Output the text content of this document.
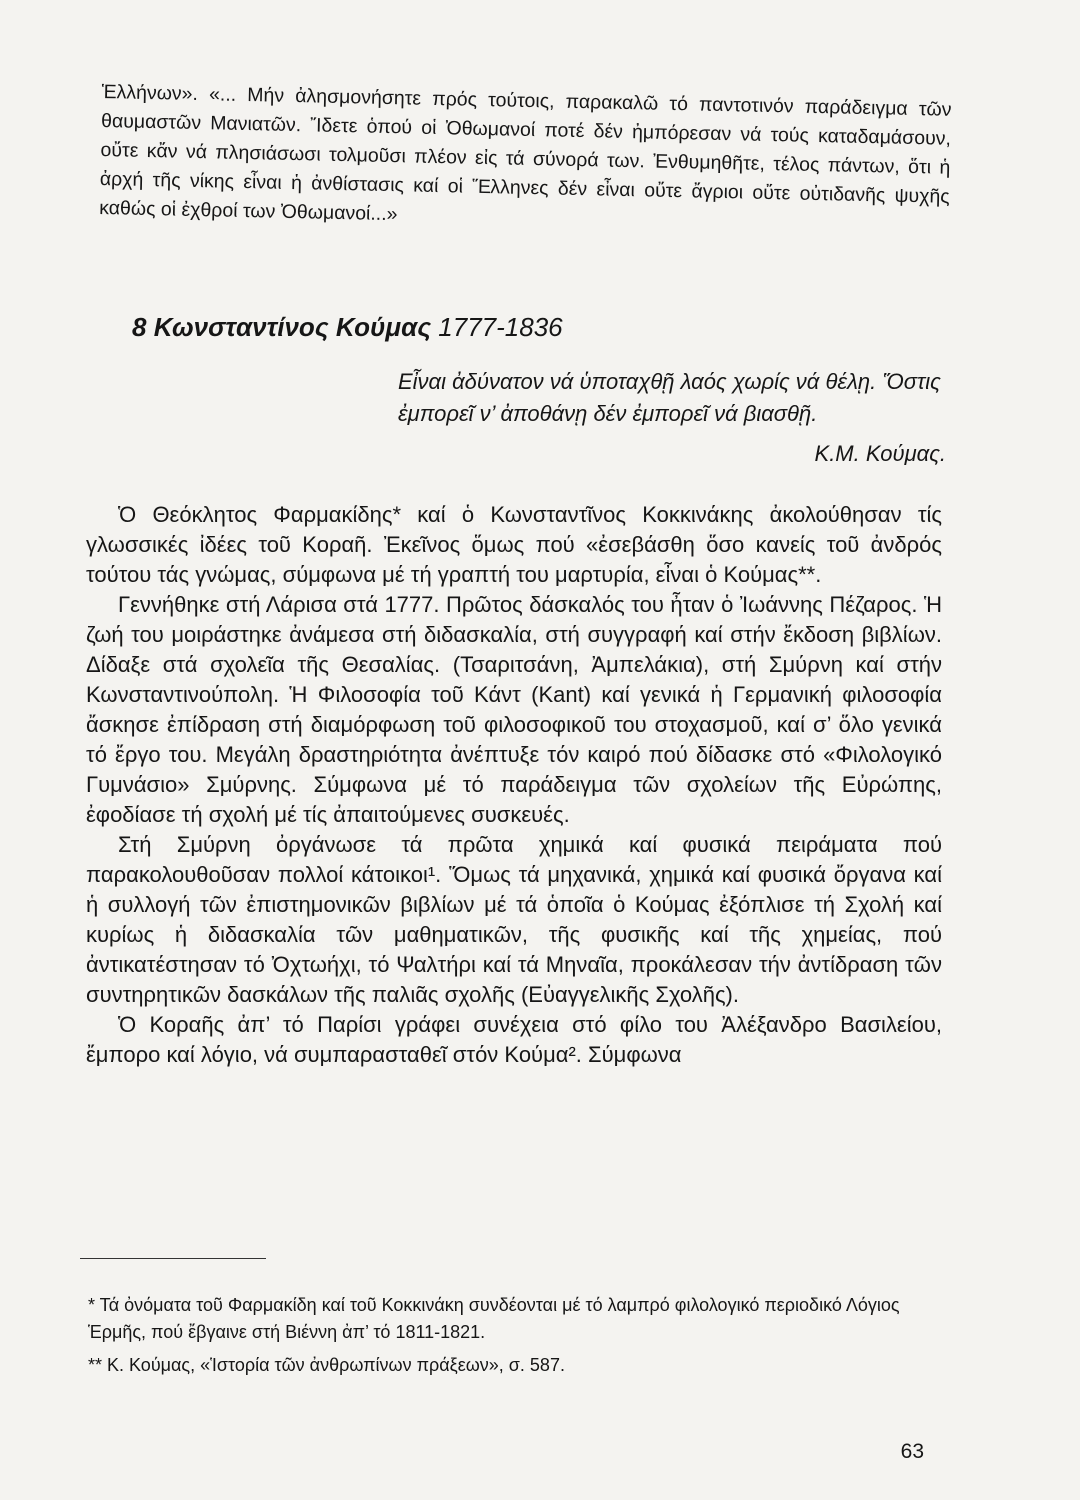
Ἑλλήνων». «... Μήν ἀλησμονήσητε πρός τούτοις, παρακαλῶ τό παντοτινόν παράδειγμα τῶν θαυμαστῶν Μανιατῶν. Ἴδετε ὁπού οἱ Ὀθωμανοί ποτέ δέν ἠμπόρεσαν νά τούς καταδαμάσουν, οὔτε κἄν νά πλησιάσωσι τολμοῦσι πλέον εἰς τά σύνορά των. Ἐνθυμηθῆτε, τέλος πάντων, ὅτι ἡ ἀρχή τῆς νίκης εἶναι ἡ ἀνθίστασις καί οἱ Ἕλληνες δέν εἶναι οὔτε ἄγριοι οὔτε οὐτιδανῆς ψυχῆς καθώς οἱ ἐχθροί των Ὀθωμανοί...»

8 Κωνσταντίνος Κούμας 1777-1836
Εἶναι ἀδύνατον νά ὑποταχθῇ λαός χωρίς νά θέλῃ. Ὅστις ἐμπορεῖ ν’ ἀποθάνῃ δέν ἐμπορεῖ νά βιασθῇ.
Κ.Μ. Κούμας.

Ὁ Θεόκλητος Φαρμακίδης* καί ὁ Κωνσταντῖνος Κοκκινάκης ἀκολούθησαν τίς γλωσσικές ἰδέες τοῦ Κοραῆ. Ἐκεῖνος ὅμως πού «ἐσεβάσθη ὅσο κανείς τοῦ ἀνδρός τούτου τάς γνώμας, σύμφωνα μέ τή γραπτή του μαρτυρία, εἶναι ὁ Κούμας**.

Γεννήθηκε στή Λάρισα στά 1777. Πρῶτος δάσκαλός του ἦταν ὁ Ἰωάννης Πέζαρος. Ἡ ζωή του μοιράστηκε ἀνάμεσα στή διδασκαλία, στή συγγραφή καί στήν ἔκδοση βιβλίων. Δίδαξε στά σχολεῖα τῆς Θεσαλίας. (Τσαριτσάνη, Ἀμπελάκια), στή Σμύρνη καί στήν Κωνσταντινούπολη. Ἡ Φιλοσοφία τοῦ Κάντ (Kant) καί γενικά ἡ Γερμανική φιλοσοφία ἄσκησε ἐπίδραση στή διαμόρφωση τοῦ φιλοσοφικοῦ του στοχασμοῦ, καί σ’ ὅλο γενικά τό ἔργο του. Μεγάλη δραστηριότητα ἀνέπτυξε τόν καιρό πού δίδασκε στό «Φιλολογικό Γυμνάσιο» Σμύρνης. Σύμφωνα μέ τό παράδειγμα τῶν σχολείων τῆς Εὐρώπης, ἐφοδίασε τή σχολή μέ τίς ἀπαιτούμενες συσκευές.

Στή Σμύρνη ὀργάνωσε τά πρῶτα χημικά καί φυσικά πειράματα πού παρακολουθοῦσαν πολλοί κάτοικοι¹. Ὅμως τά μηχανικά, χημικά καί φυσικά ὄργανα καί ἡ συλλογή τῶν ἐπιστημονικῶν βιβλίων μέ τά ὁποῖα ὁ Κούμας ἐξόπλισε τή Σχολή καί κυρίως ἡ διδασκαλία τῶν μαθηματικῶν, τῆς φυσικῆς καί τῆς χημείας, πού ἀντικατέστησαν τό Ὀχτωήχι, τό Ψαλτήρι καί τά Μηναῖα, προκάλεσαν τήν ἀντίδραση τῶν συντηρητικῶν δασκάλων τῆς παλιᾶς σχολῆς (Εὐαγγελικῆς Σχολῆς).

Ὁ Κοραῆς ἀπ’ τό Παρίσι γράφει συνέχεια στό φίλο του Ἀλέξανδρο Βασιλείου, ἔμπορο καί λόγιο, νά συμπαρασταθεῖ στόν Κούμα². Σύμφωνα

* Τά ὀνόματα τοῦ Φαρμακίδη καί τοῦ Κοκκινάκη συνδέονται μέ τό λαμπρό φιλολογικό περιοδικό Λόγιος Ἑρμῆς, πού ἔβγαινε στή Βιέννη ἀπ’ τό 1811-1821.

** Κ. Κούμας, «Ἱστορία τῶν ἀνθρωπίνων πράξεων», σ. 587.

63
